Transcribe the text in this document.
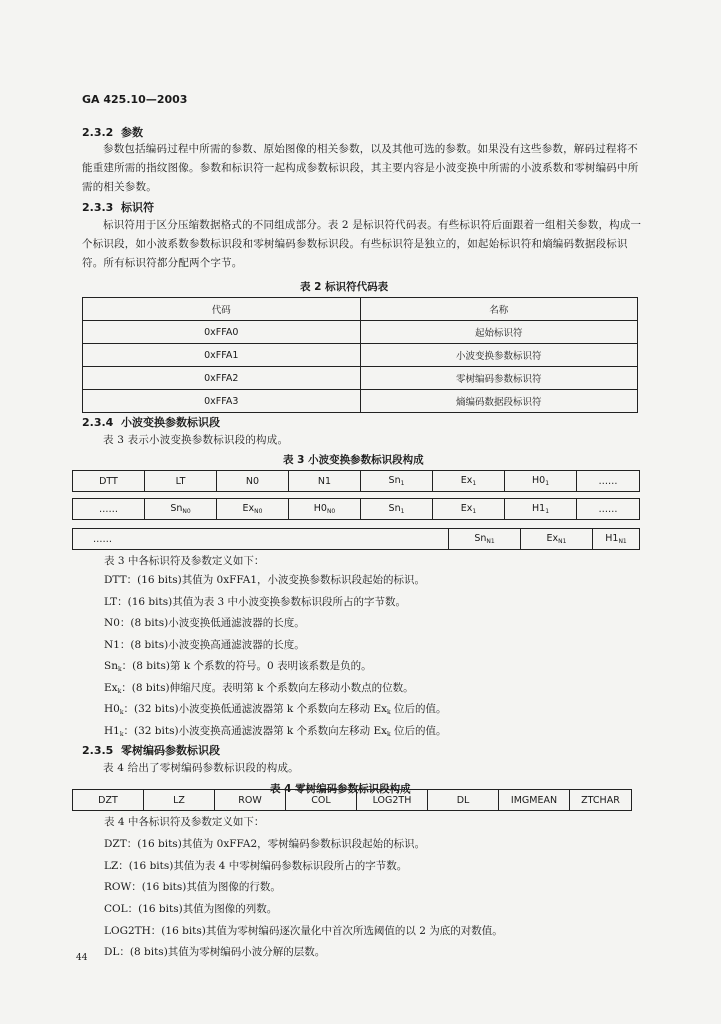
GA 425.10—2003
2.3.2 参数
参数包括编码过程中所需的参数、原始图像的相关参数，以及其他可选的参数。如果没有这些参数，解码过程将不能重建所需的指纹图像。参数和标识符一起构成参数标识段，其主要内容是小波变换中所需的小波系数和零树编码中所需的相关参数。
2.3.3 标识符
标识符用于区分压缩数据格式的不同组成部分。表 2 是标识符代码表。有些标识符后面跟着一组相关参数，构成一个标识段，如小波系数参数标识段和零树编码参数标识段。有些标识符是独立的，如起始标识符和熵编码数据段标识符。所有标识符都分配两个字节。
表 2 标识符代码表
代码	名称
0xFFA0	起始标识符
0xFFA1	小波变换参数标识符
0xFFA2	零树编码参数标识符
0xFFA3	熵编码数据段标识符
2.3.4 小波变换参数标识段
表 3 表示小波变换参数标识段的构成。
表 3 小波变换参数标识段构成
DTT	LT	N0	N1	$Sn_1$	$Ex_1$	$H0_1$	……
……	$Sn_{N0}$	$Ex_{N0}$	$H0_{N0}$	$Sn_1$	$Ex_1$	$H1_1$	……
……	$Sn_{N1}$	$Ex_{N1}$	$H1_{N1}$
表 3 中各标识符及参数定义如下：
DTT：(16 bits)其值为 0xFFA1，小波变换参数标识段起始的标识。
LT：(16 bits)其值为表 3 中小波变换参数标识段所占的字节数。
N0：(8 bits)小波变换低通滤波器的长度。
N1：(8 bits)小波变换高通滤波器的长度。
$Sn_k$：(8 bits)第 k 个系数的符号。0 表明该系数是负的。
$Ex_k$：(8 bits)伸缩尺度。表明第 k 个系数向左移动小数点的位数。
$H0_k$：(32 bits)小波变换低通滤波器第 k 个系数向左移动 $Ex_k$ 位后的值。
$H1_k$：(32 bits)小波变换高通滤波器第 k 个系数向左移动 $Ex_k$ 位后的值。
2.3.5 零树编码参数标识段
表 4 给出了零树编码参数标识段的构成。
表 4 零树编码参数标识段构成
DZT	LZ	ROW	COL	LOG2TH	DL	IMGMEAN	ZTCHAR
表 4 中各标识符及参数定义如下：
DZT：(16 bits)其值为 0xFFA2，零树编码参数标识段起始的标识。
LZ：(16 bits)其值为表 4 中零树编码参数标识段所占的字节数。
ROW：(16 bits)其值为图像的行数。
COL：(16 bits)其值为图像的列数。
LOG2TH：(16 bits)其值为零树编码逐次量化中首次所选阈值的以 2 为底的对数值。
DL：(8 bits)其值为零树编码小波分解的层数。
44
